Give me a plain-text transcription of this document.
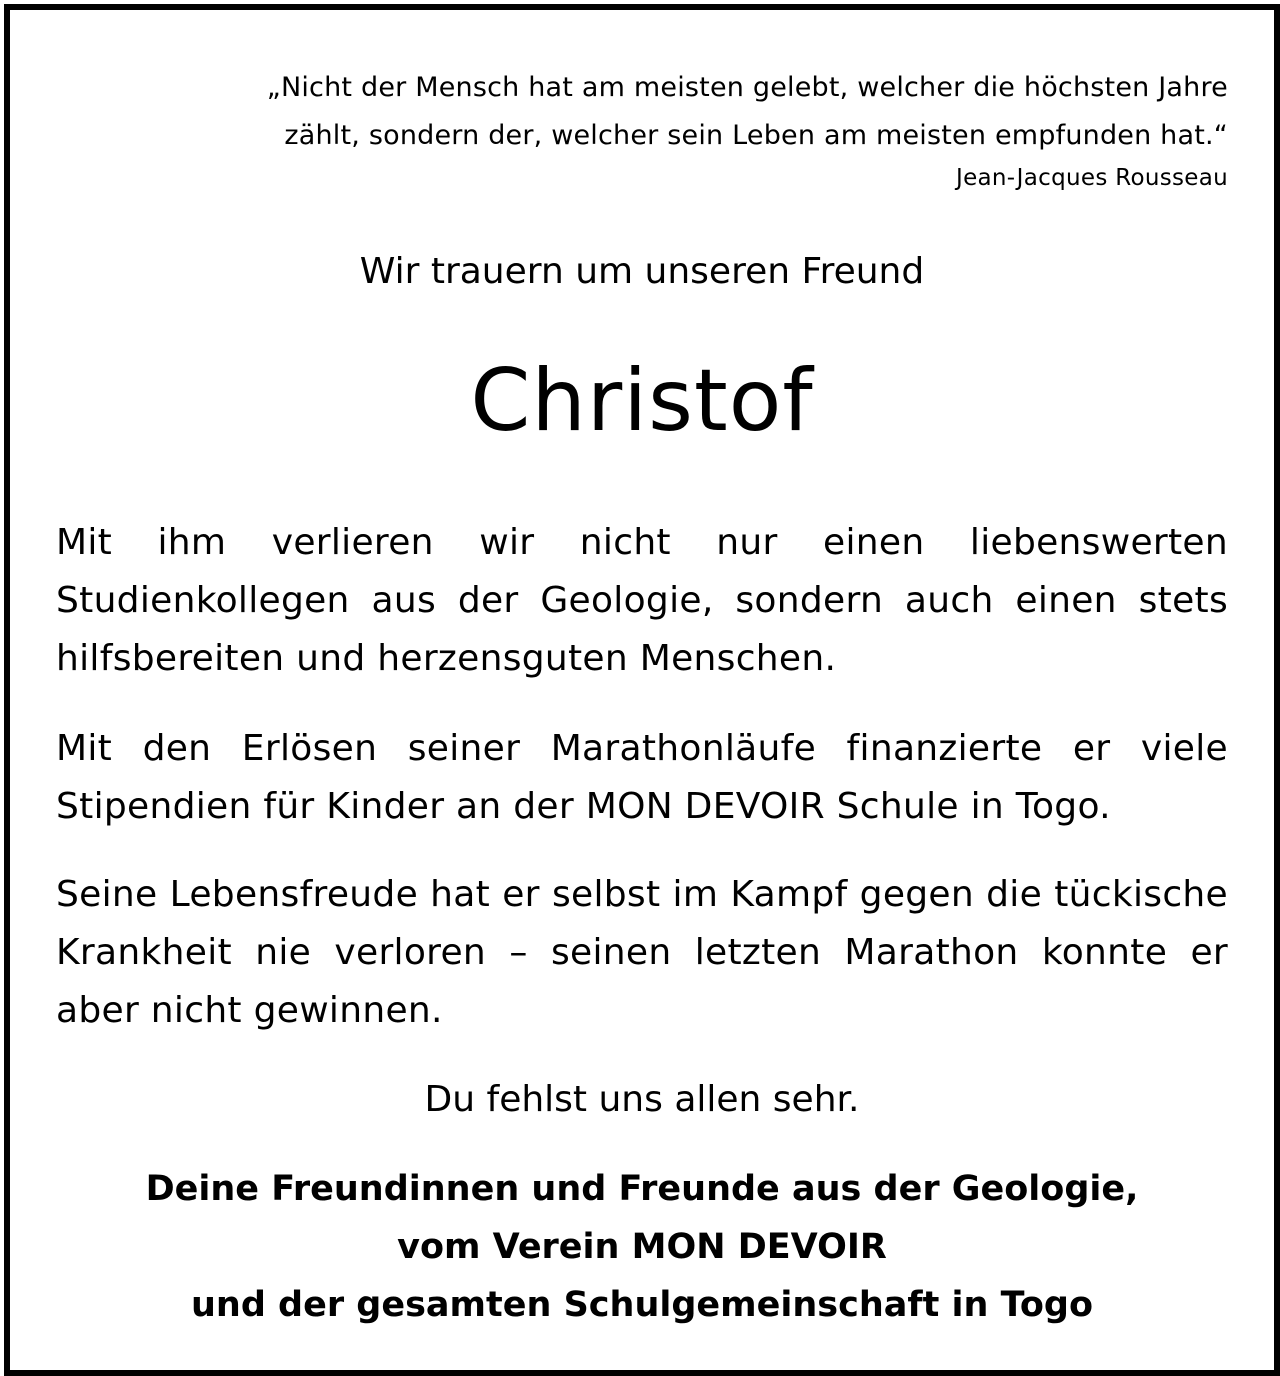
„Nicht der Mensch hat am meisten gelebt, welcher die höchsten Jahre
zählt, sondern der, welcher sein Leben am meisten empfunden hat.“
Jean-Jacques Rousseau
Wir trauern um unseren Freund
Christof
Mit ihm verlieren wir nicht nur einen liebenswerten Studienkollegen aus der Geologie, sondern auch einen stets hilfsbereiten und herzensguten Menschen.
Mit den Erlösen seiner Marathonläufe finanzierte er viele Stipendien für Kinder an der MON DEVOIR Schule in Togo.
Seine Lebensfreude hat er selbst im Kampf gegen die tückische Krankheit nie verloren – seinen letzten Marathon konnte er aber nicht gewinnen.
Du fehlst uns allen sehr.
Deine Freundinnen und Freunde aus der Geologie,
vom Verein MON DEVOIR
und der gesamten Schulgemeinschaft in Togo
